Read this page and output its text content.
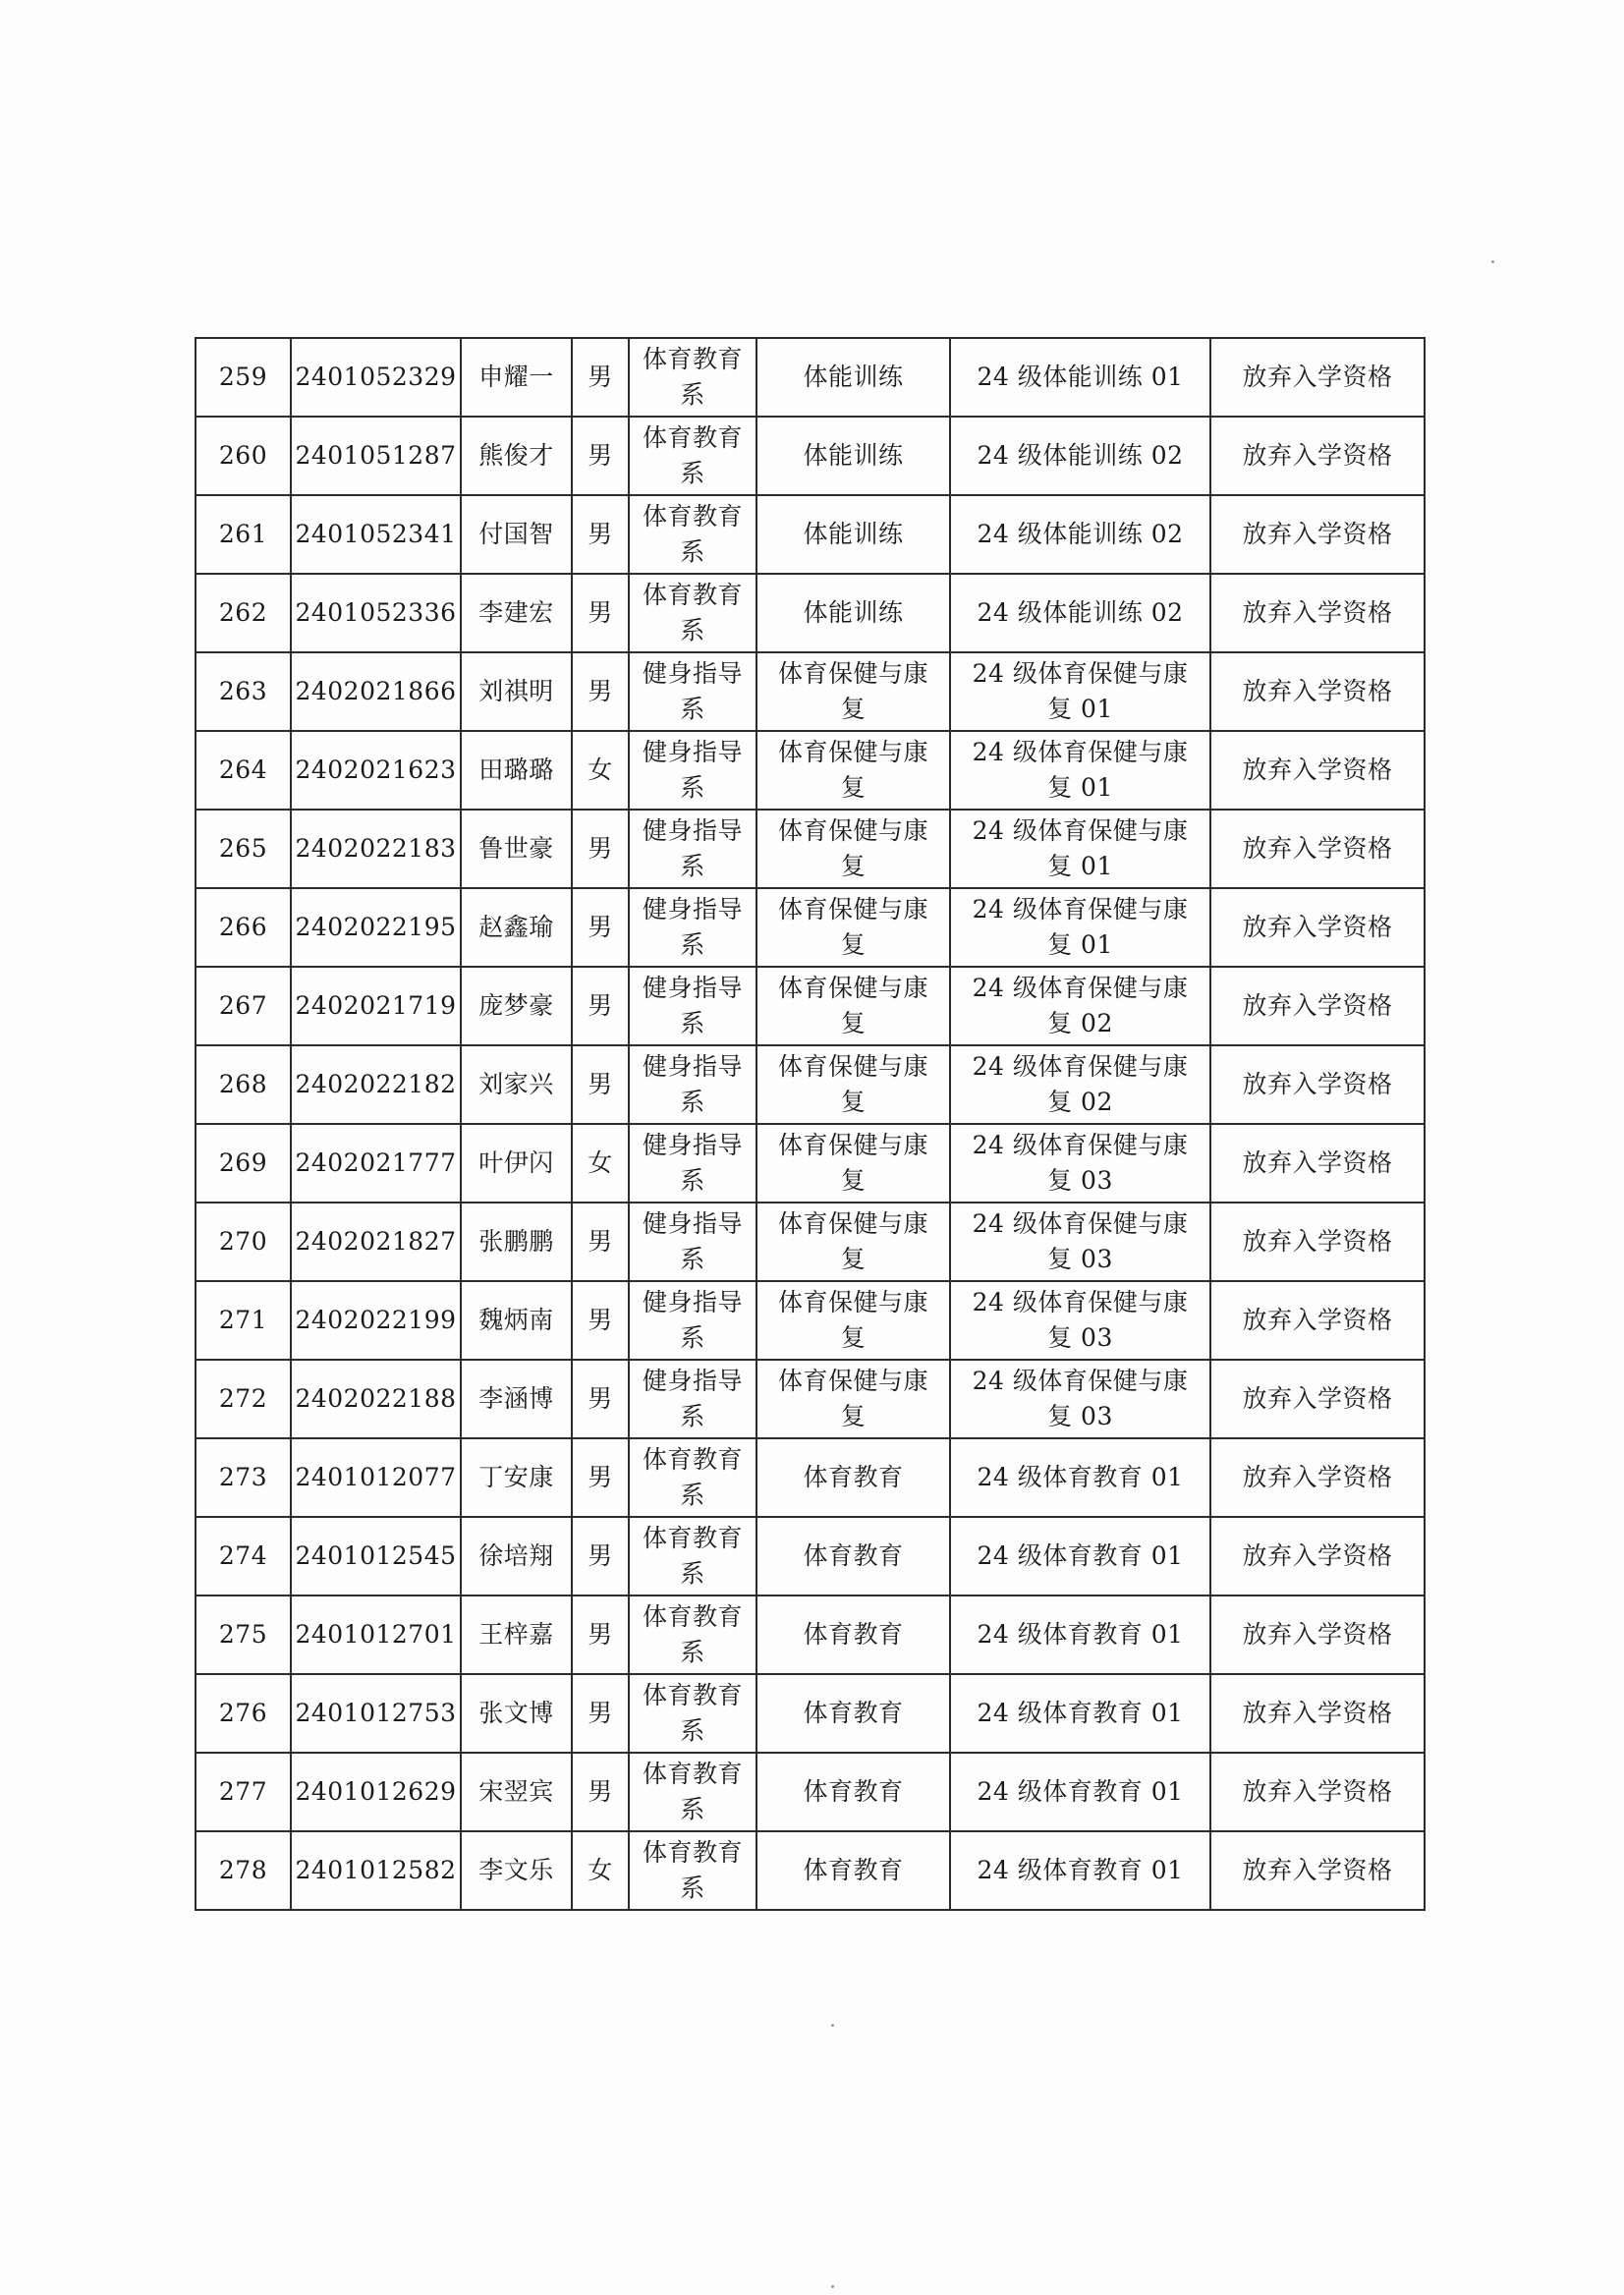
259	2401052329	申耀一	男	体育教育系	体能训练	24 级体能训练 01	放弃入学资格
260	2401051287	熊俊才	男	体育教育系	体能训练	24 级体能训练 02	放弃入学资格
261	2401052341	付国智	男	体育教育系	体能训练	24 级体能训练 02	放弃入学资格
262	2401052336	李建宏	男	体育教育系	体能训练	24 级体能训练 02	放弃入学资格
263	2402021866	刘祺明	男	健身指导系	体育保健与康复	24 级体育保健与康复 01	放弃入学资格
264	2402021623	田璐璐	女	健身指导系	体育保健与康复	24 级体育保健与康复 01	放弃入学资格
265	2402022183	鲁世豪	男	健身指导系	体育保健与康复	24 级体育保健与康复 01	放弃入学资格
266	2402022195	赵鑫瑜	男	健身指导系	体育保健与康复	24 级体育保健与康复 01	放弃入学资格
267	2402021719	庞梦豪	男	健身指导系	体育保健与康复	24 级体育保健与康复 02	放弃入学资格
268	2402022182	刘家兴	男	健身指导系	体育保健与康复	24 级体育保健与康复 02	放弃入学资格
269	2402021777	叶伊闪	女	健身指导系	体育保健与康复	24 级体育保健与康复 03	放弃入学资格
270	2402021827	张鹏鹏	男	健身指导系	体育保健与康复	24 级体育保健与康复 03	放弃入学资格
271	2402022199	魏炳南	男	健身指导系	体育保健与康复	24 级体育保健与康复 03	放弃入学资格
272	2402022188	李涵博	男	健身指导系	体育保健与康复	24 级体育保健与康复 03	放弃入学资格
273	2401012077	丁安康	男	体育教育系	体育教育	24 级体育教育 01	放弃入学资格
274	2401012545	徐培翔	男	体育教育系	体育教育	24 级体育教育 01	放弃入学资格
275	2401012701	王梓嘉	男	体育教育系	体育教育	24 级体育教育 01	放弃入学资格
276	2401012753	张文博	男	体育教育系	体育教育	24 级体育教育 01	放弃入学资格
277	2401012629	宋翌宾	男	体育教育系	体育教育	24 级体育教育 01	放弃入学资格
278	2401012582	李文乐	女	体育教育系	体育教育	24 级体育教育 01	放弃入学资格
